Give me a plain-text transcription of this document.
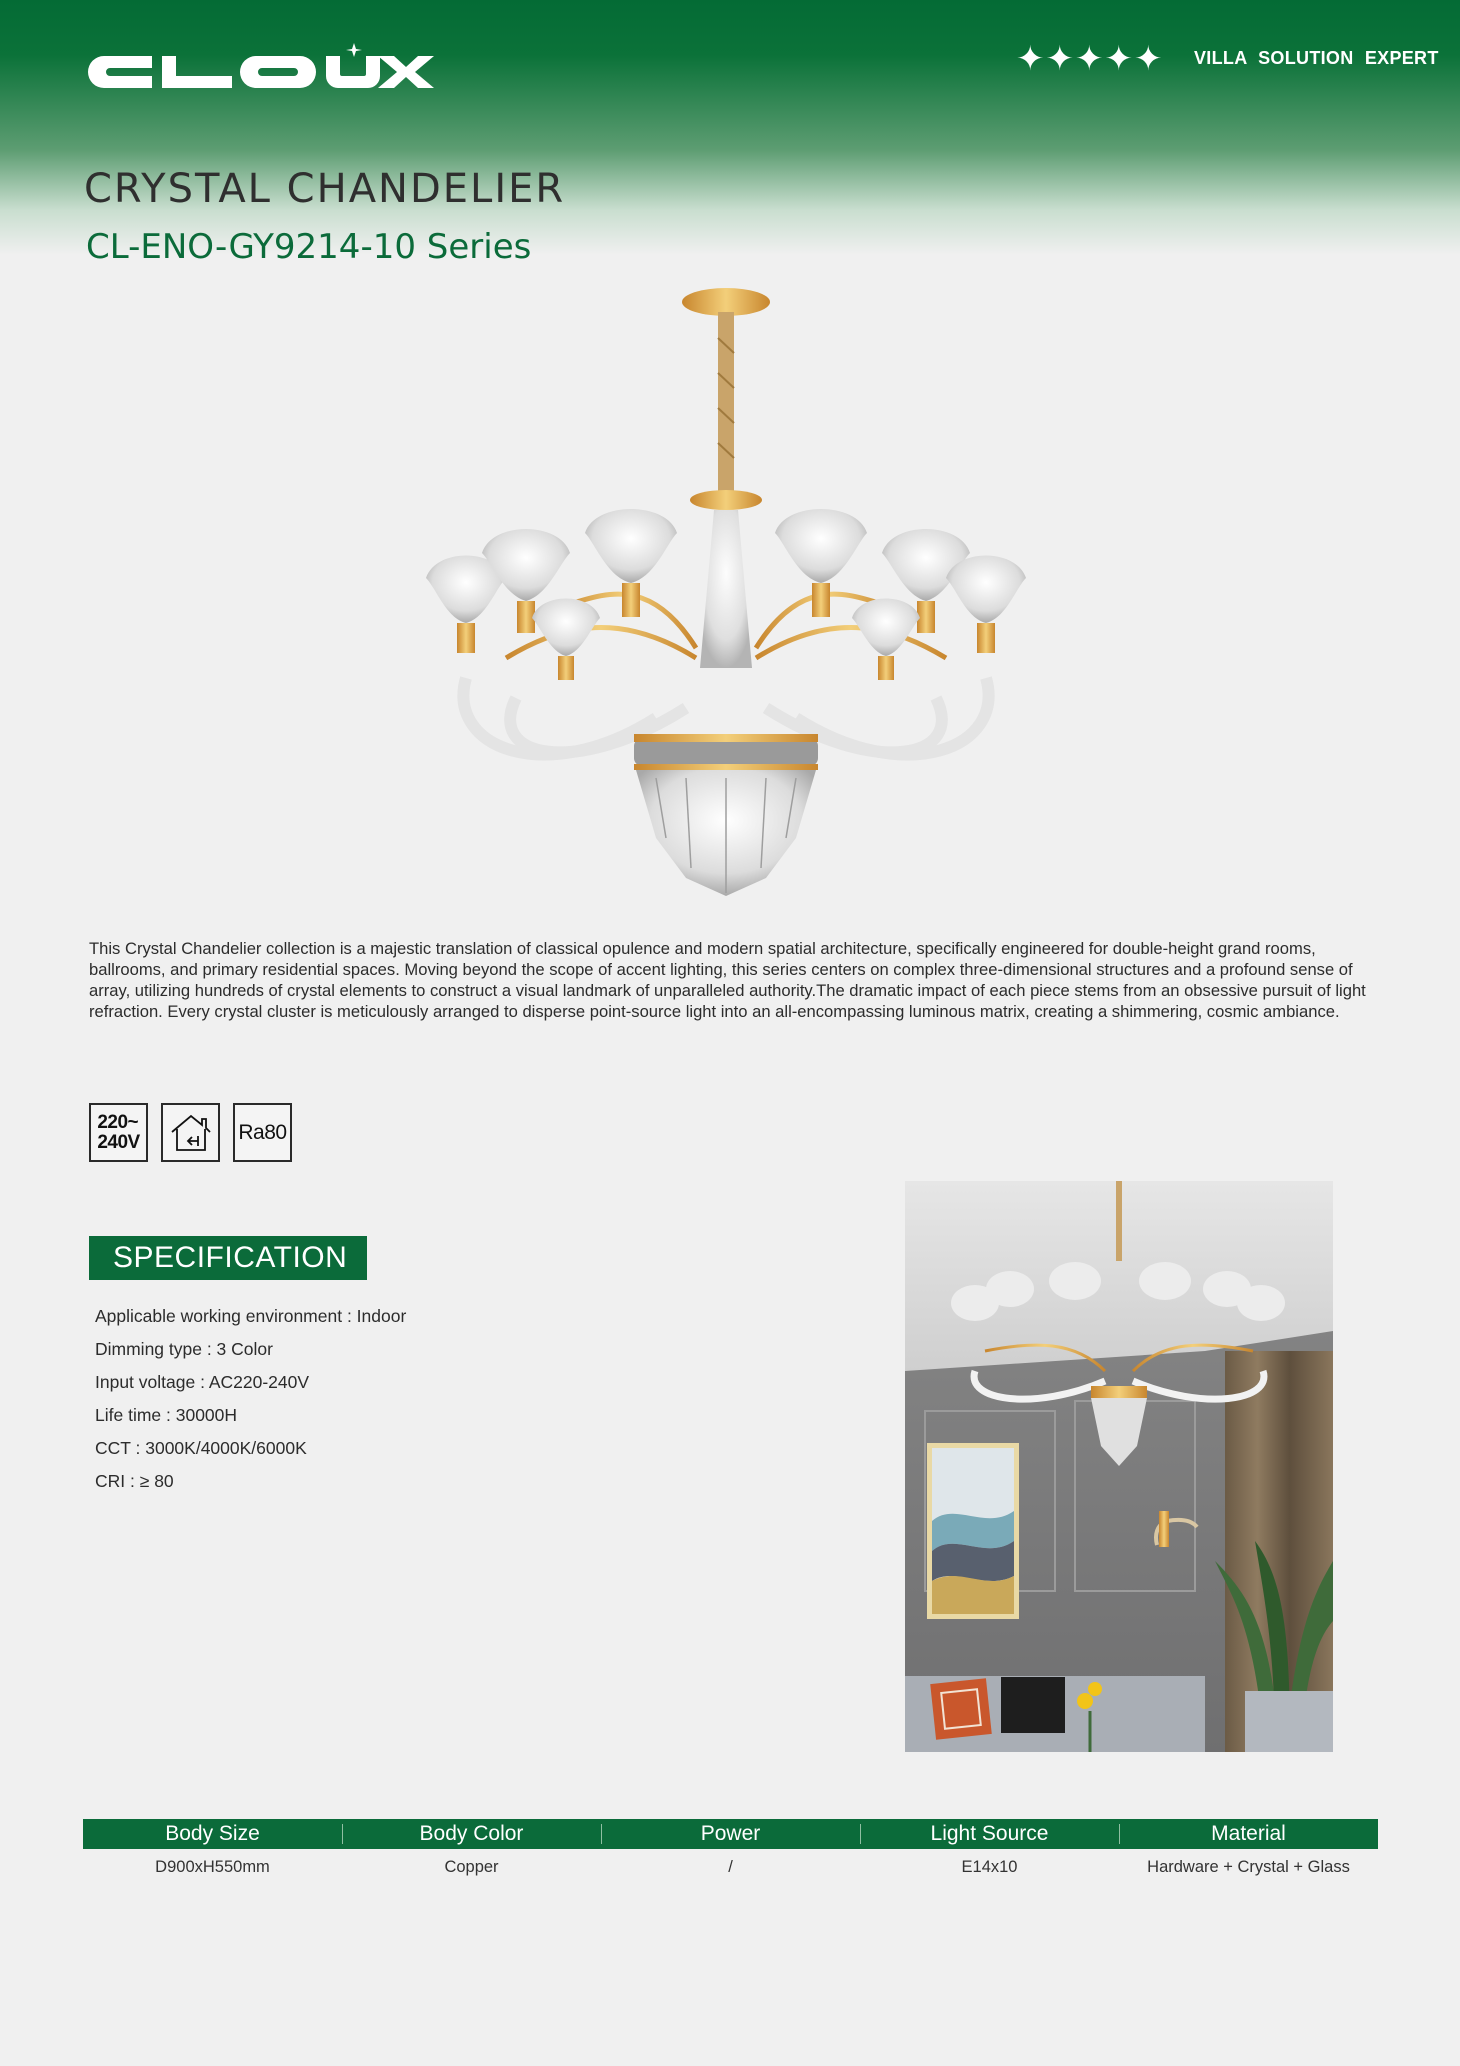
✦ ✦ ✦ ✦ ✦ VILLA SOLUTION EXPERT
CRYSTAL CHANDELIER
CL-ENO-GY9214-10 Series

This Crystal Chandelier collection is a majestic translation of classical opulence and modern spatial architecture, specifically engineered for double-height grand rooms, ballrooms, and primary residential spaces. Moving beyond the scope of accent lighting, this series centers on complex three-dimensional structures and a profound sense of array, utilizing hundreds of crystal elements to construct a visual landmark of unparalleled authority.The dramatic impact of each piece stems from an obsessive pursuit of light refraction. Every crystal cluster is meticulously arranged to disperse point-source light into an all-encompassing luminous matrix, creating a shimmering, cosmic ambiance.

220~
240V	Ra80
SPECIFICATION
Applicable working environment : Indoor
Dimming type : 3 Color
Input voltage : AC220-240V
Life time : 30000H
CCT : 3000K/4000K/6000K
CRI : ≥ 80
Body Size	Body Color	Power	Light Source	Material
D900xH550mm	Copper	/	E14x10	Hardware + Crystal + Glass
